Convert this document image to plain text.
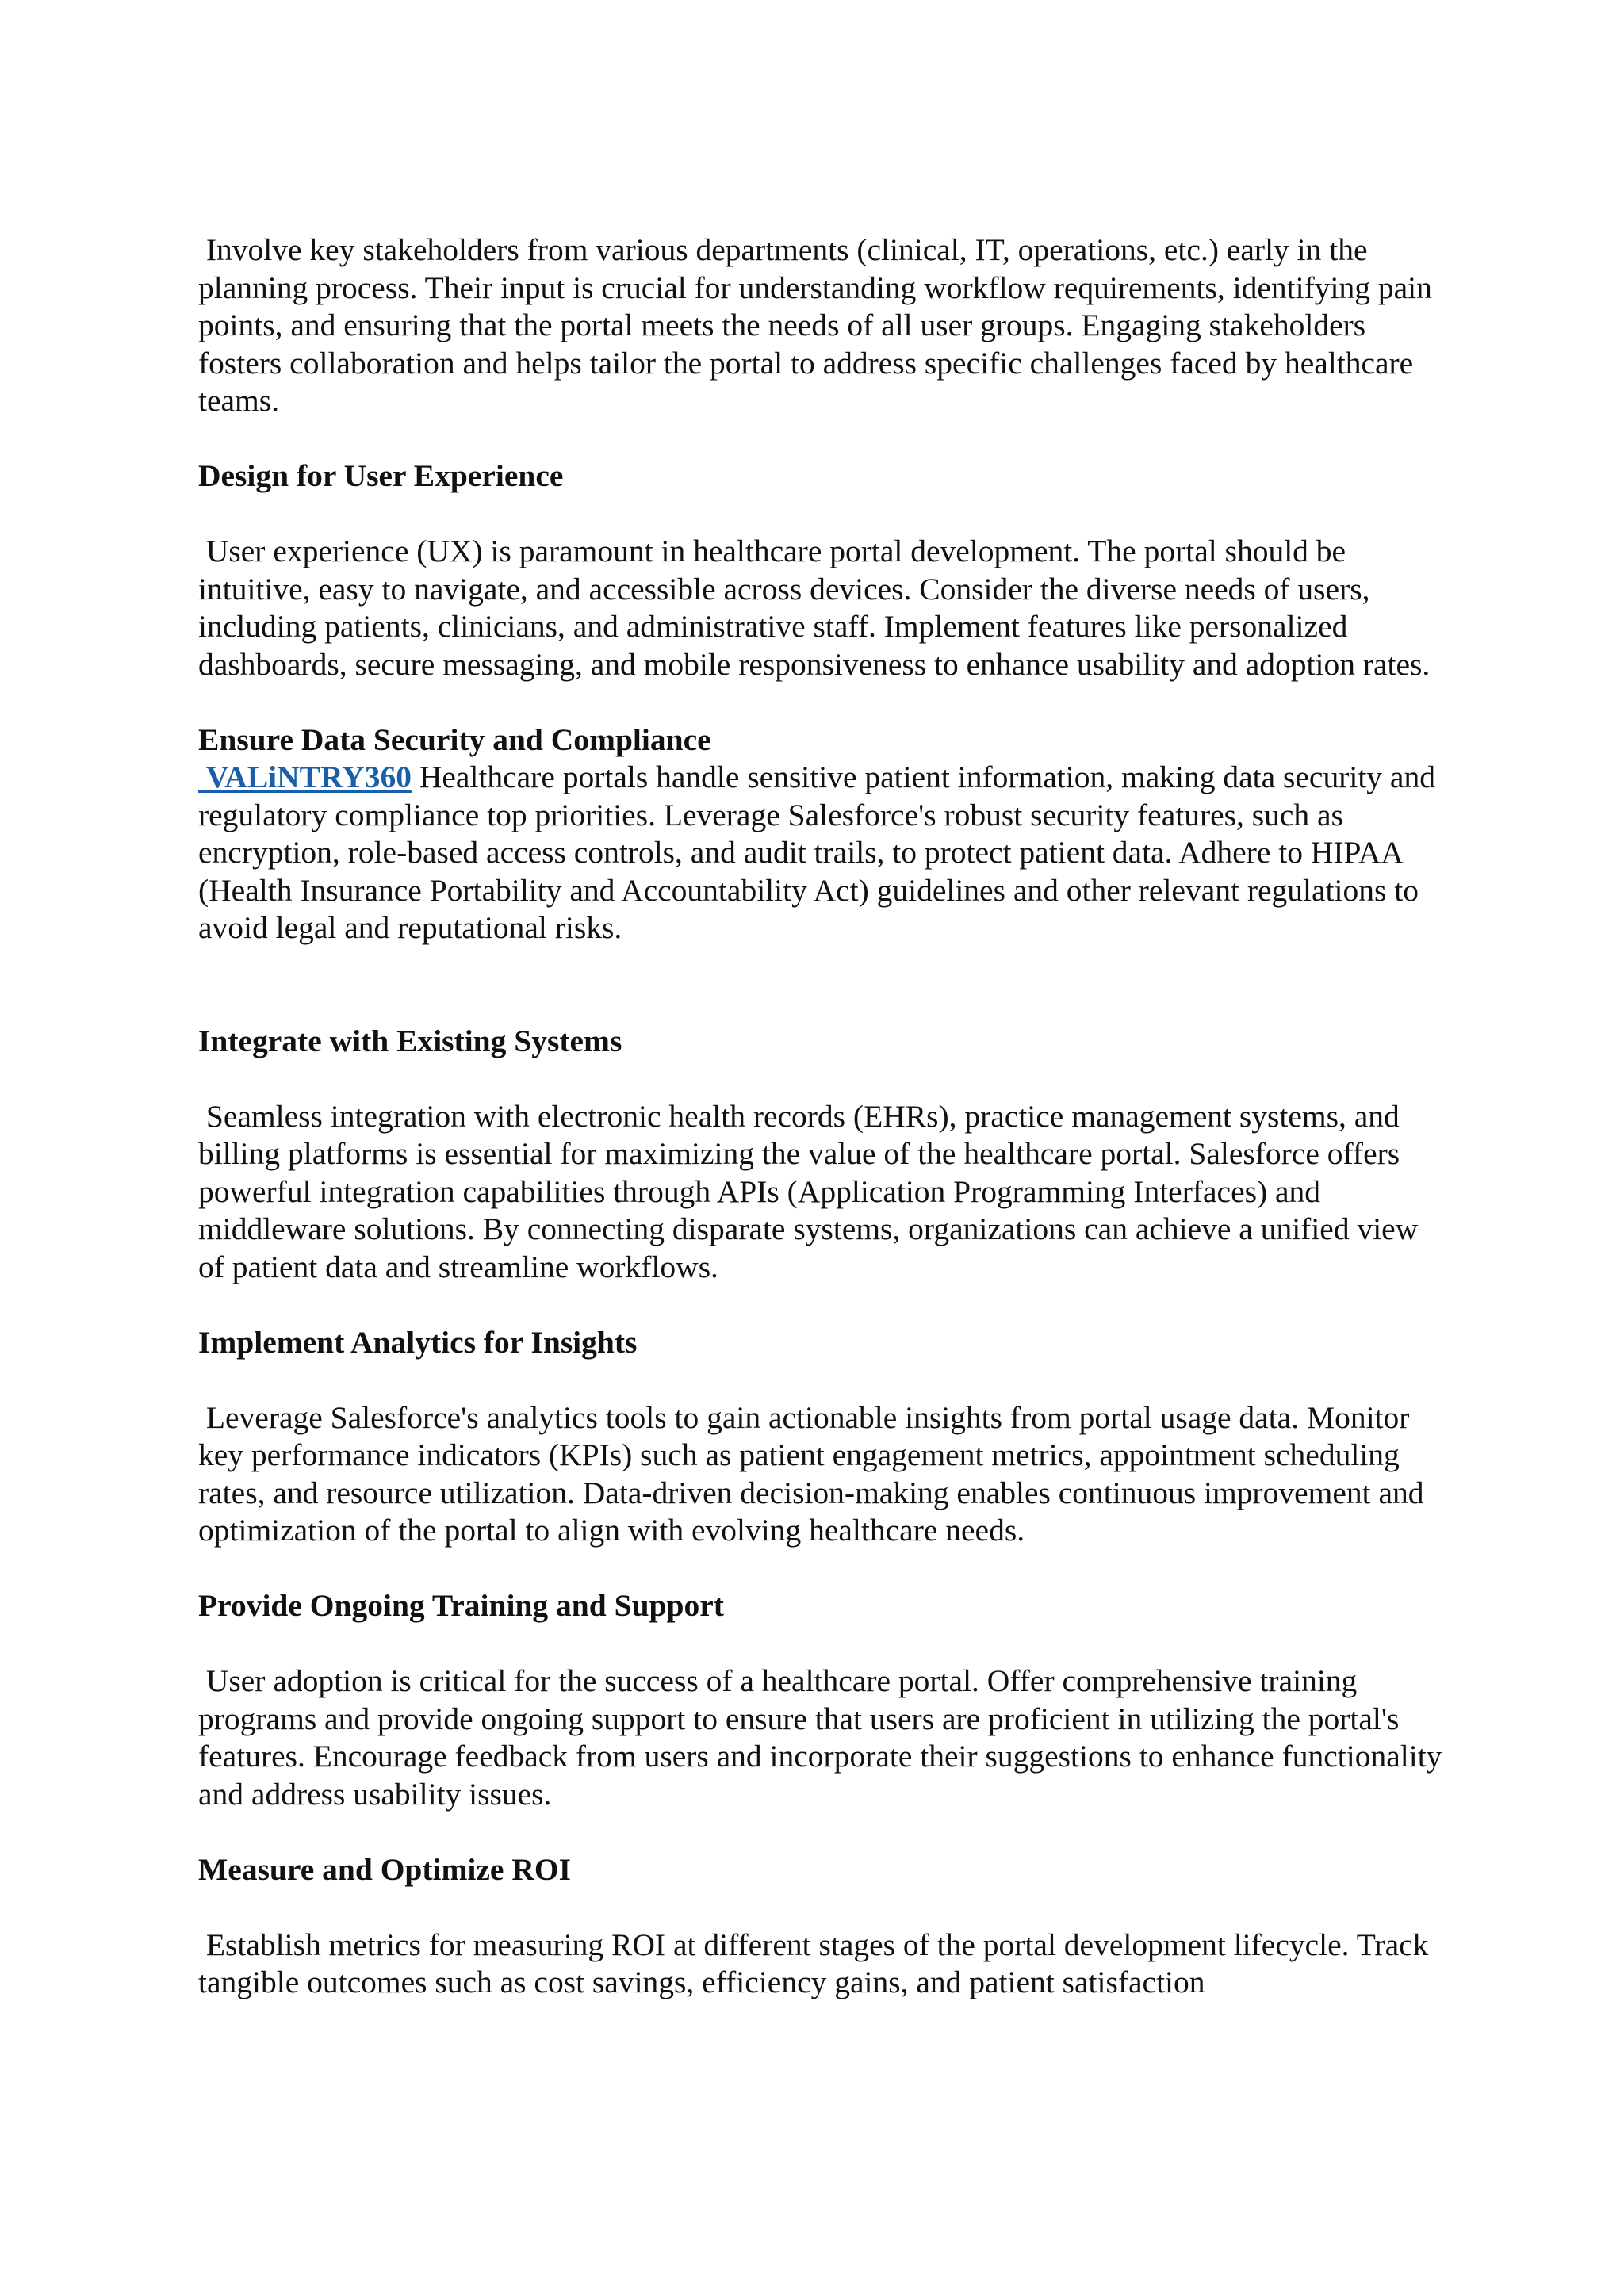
Involve key stakeholders from various departments (clinical, IT, operations, etc.) early in the planning process. Their input is crucial for understanding workflow requirements, identifying pain points, and ensuring that the portal meets the needs of all user groups. Engaging stakeholders fosters collaboration and helps tailor the portal to address specific challenges faced by healthcare teams.

Design for User Experience

User experience (UX) is paramount in healthcare portal development. The portal should be intuitive, easy to navigate, and accessible across devices. Consider the diverse needs of users, including patients, clinicians, and administrative staff. Implement features like personalized dashboards, secure messaging, and mobile responsiveness to enhance usability and adoption rates.

Ensure Data Security and Compliance

VALiNTRY360 Healthcare portals handle sensitive patient information, making data security and regulatory compliance top priorities. Leverage Salesforce's robust security features, such as encryption, role-based access controls, and audit trails, to protect patient data. Adhere to HIPAA (Health Insurance Portability and Accountability Act) guidelines and other relevant regulations to avoid legal and reputational risks.

Integrate with Existing Systems

Seamless integration with electronic health records (EHRs), practice management systems, and billing platforms is essential for maximizing the value of the healthcare portal. Salesforce offers powerful integration capabilities through APIs (Application Programming Interfaces) and middleware solutions. By connecting disparate systems, organizations can achieve a unified view of patient data and streamline workflows.

Implement Analytics for Insights

Leverage Salesforce's analytics tools to gain actionable insights from portal usage data. Monitor key performance indicators (KPIs) such as patient engagement metrics, appointment scheduling rates, and resource utilization. Data-driven decision-making enables continuous improvement and optimization of the portal to align with evolving healthcare needs.

Provide Ongoing Training and Support

User adoption is critical for the success of a healthcare portal. Offer comprehensive training programs and provide ongoing support to ensure that users are proficient in utilizing the portal's features. Encourage feedback from users and incorporate their suggestions to enhance functionality and address usability issues.

Measure and Optimize ROI

Establish metrics for measuring ROI at different stages of the portal development lifecycle. Track tangible outcomes such as cost savings, efficiency gains, and patient satisfaction
